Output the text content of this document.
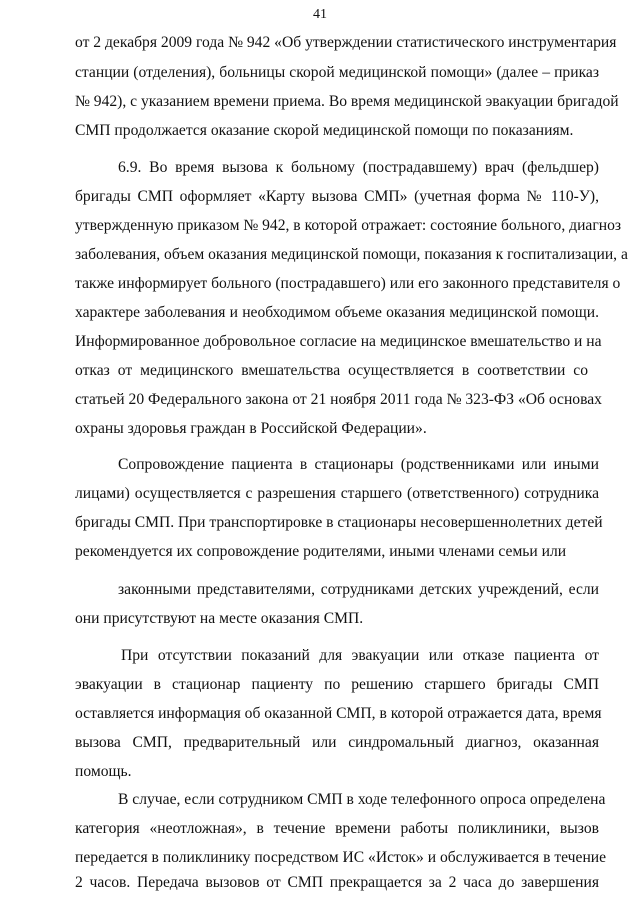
41
от 2 декабря 2009 года № 942 «Об утверждении статистического инструментария
станции (отделения), больницы скорой медицинской помощи» (далее – приказ
№ 942), с указанием времени приема. Во время медицинской эвакуации бригадой
СМП продолжается оказание скорой медицинской помощи по показаниям.
6.9. Во время вызова к больному (пострадавшему) врач (фельдшер)
бригады СМП оформляет «Карту вызова СМП» (учетная форма № 110-У),
утвержденную приказом № 942, в которой отражает: состояние больного, диагноз
заболевания, объем оказания медицинской помощи, показания к госпитализации, а
также информирует больного (пострадавшего) или его законного представителя о
характере заболевания и необходимом объеме оказания медицинской помощи.
Информированное добровольное согласие на медицинское вмешательство и на
отказ от медицинского вмешательства осуществляется в соответствии со
статьей 20 Федерального закона от 21 ноября 2011 года № 323-ФЗ «Об основах
охраны здоровья граждан в Российской Федерации».
Сопровождение пациента в стационары (родственниками или иными
лицами) осуществляется с разрешения старшего (ответственного) сотрудника
бригады СМП. При транспортировке в стационары несовершеннолетних детей
рекомендуется их сопровождение родителями, иными членами семьи или
законными представителями, сотрудниками детских учреждений, если
они присутствуют на месте оказания СМП.
При отсутствии показаний для эвакуации или отказе пациента от
эвакуации в стационар пациенту по решению старшего бригады СМП
оставляется информация об оказанной СМП, в которой отражается дата, время
вызова СМП, предварительный или синдромальный диагноз, оказанная
помощь.
В случае, если сотрудником СМП в ходе телефонного опроса определена
категория «неотложная», в течение времени работы поликлиники, вызов
передается в поликлинику посредством ИС «Исток» и обслуживается в течение
2 часов. Передача вызовов от СМП прекращается за 2 часа до завершения
